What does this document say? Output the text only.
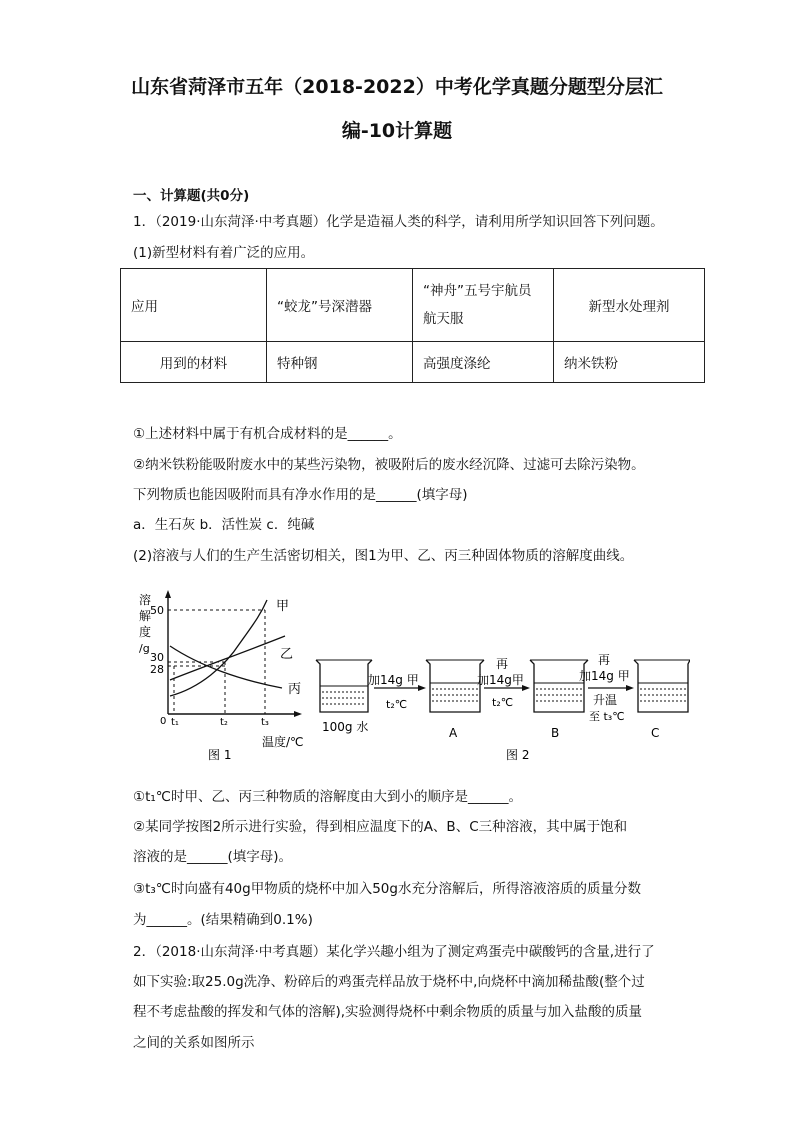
山东省菏泽市五年（2018-2022）中考化学真题分题型分层汇
编-10计算题
一、计算题(共0分)
1．（2019·山东菏泽·中考真题）化学是造福人类的科学，请利用所学知识回答下列问题。
(1)新型材料有着广泛的应用。
应用	“蛟龙”号深潜器	“神舟”五号宇航员航天服	新型水处理剂
用到的材料	特种钢	高强度涤纶	纳米铁粉
①上述材料中属于有机合成材料的是______。
②纳米铁粉能吸附废水中的某些污染物，被吸附后的废水经沉降、过滤可去除污染物。
下列物质也能因吸附而具有净水作用的是______(填字母)
a．生石灰 b．活性炭 c．纯碱
(2)溶液与人们的生产生活密切相关，图1为甲、乙、丙三种固体物质的溶解度曲线。
溶
解
度
/g
50
30
28
0
甲
乙
丙
t₁	t₂	t₃
温度/℃
图 1
100g 水
加14g 甲
t₂℃
A
再
加14g甲
t₂℃
B
再
加14g 甲
升温
至 t₃℃
C
图 2
①t₁℃时甲、乙、丙三种物质的溶解度由大到小的顺序是______。
②某同学按图2所示进行实验，得到相应温度下的A、B、C三种溶液，其中属于饱和
溶液的是______(填字母)。
③t₃℃时向盛有40g甲物质的烧杯中加入50g水充分溶解后，所得溶液溶质的质量分数
为______。(结果精确到0.1%)
2．（2018·山东菏泽·中考真题）某化学兴趣小组为了测定鸡蛋壳中碳酸钙的含量,进行了
如下实验:取25.0g洗净、粉碎后的鸡蛋壳样品放于烧杯中,向烧杯中滴加稀盐酸(整个过
程不考虑盐酸的挥发和气体的溶解),实验测得烧杯中剩余物质的质量与加入盐酸的质量
之间的关系如图所示
